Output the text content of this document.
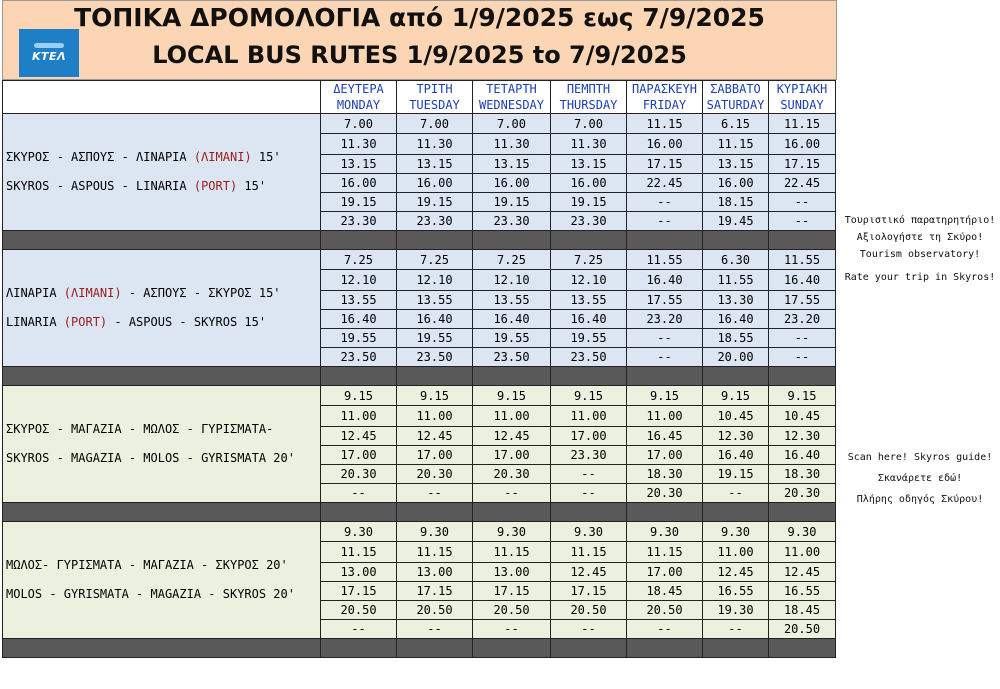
KTEΛ
ΤΟΠΙΚΑ ΔΡΟΜΟΛΟΓΙΑ από 1/9/2025 εως 7/9/2025
LOCAL BUS RUTES 1/9/2025 to 7/9/2025

	ΔΕΥΤΕΡΑ
MONDAY	ΤΡΙΤΗ
TUESDAY	ΤΕΤΑΡΤΗ
WEDNESDAY	ΠΕΜΠΤΗ
THURSDAY	ΠΑΡΑΣΚΕΥΗ
FRIDAY	ΣΑΒΒΑΤΟ
SATURDAY	ΚΥΡΙΑΚΗ
SUNDAY

ΣΚΥΡΟΣ - ΑΣΠΟΥΣ - ΛΙΝΑΡΙΑ (ΛΙΜΑΝΙ) 15'
SKYROS - ASPOUS - LINARIA (PORT) 15'	7.00	7.00	7.00	7.00	11.15	6.15	11.15
	11.30	11.30	11.30	11.30	16.00	11.15	16.00
	13.15	13.15	13.15	13.15	17.15	13.15	17.15
	16.00	16.00	16.00	16.00	22.45	16.00	22.45
	19.15	19.15	19.15	19.15	--	18.15	--
	23.30	23.30	23.30	23.30	--	19.45	--

ΛΙΝΑΡΙΑ (ΛΙΜΑΝΙ) - ΑΣΠΟΥΣ - ΣΚΥΡΟΣ 15'
LINARIA (PORT) - ASPOUS - SKYROS 15'	7.25	7.25	7.25	7.25	11.55	6.30	11.55
	12.10	12.10	12.10	12.10	16.40	11.55	16.40
	13.55	13.55	13.55	13.55	17.55	13.30	17.55
	16.40	16.40	16.40	16.40	23.20	16.40	23.20
	19.55	19.55	19.55	19.55	--	18.55	--
	23.50	23.50	23.50	23.50	--	20.00	--

ΣΚΥΡΟΣ - ΜΑΓΑΖΙΑ - ΜΩΛΟΣ - ΓΥΡΙΣΜΑΤΑ-
SKYROS - MAGAZIA - MOLOS - GYRISMATA 20'	9.15	9.15	9.15	9.15	9.15	9.15	9.15
	11.00	11.00	11.00	11.00	11.00	10.45	10.45
	12.45	12.45	12.45	17.00	16.45	12.30	12.30
	17.00	17.00	17.00	23.30	17.00	16.40	16.40
	20.30	20.30	20.30	--	18.30	19.15	18.30
	--	--	--	--	20.30	--	20.30

ΜΩΛΟΣ- ΓΥΡΙΣΜΑΤΑ - ΜΑΓΑΖΙΑ - ΣΚΥΡΟΣ 20'
MOLOS - GYRISMATA - MAGAZIA - SKYROS 20'	9.30	9.30	9.30	9.30	9.30	9.30	9.30
	11.15	11.15	11.15	11.15	11.15	11.00	11.00
	13.00	13.00	13.00	12.45	17.00	12.45	12.45
	17.15	17.15	17.15	17.15	18.45	16.55	16.55
	20.50	20.50	20.50	20.50	20.50	19.30	18.45
	--	--	--	--	--	--	20.50

Τουριστικό παρατηρητήριο!
Αξιολογήστε τη Σκύρο!
Tourism observatory!
Rate your trip in Skyros!
Scan here! Skyros guide!
Σκανάρετε εδώ!
Πλήρης οδηγός Σκύρου!
